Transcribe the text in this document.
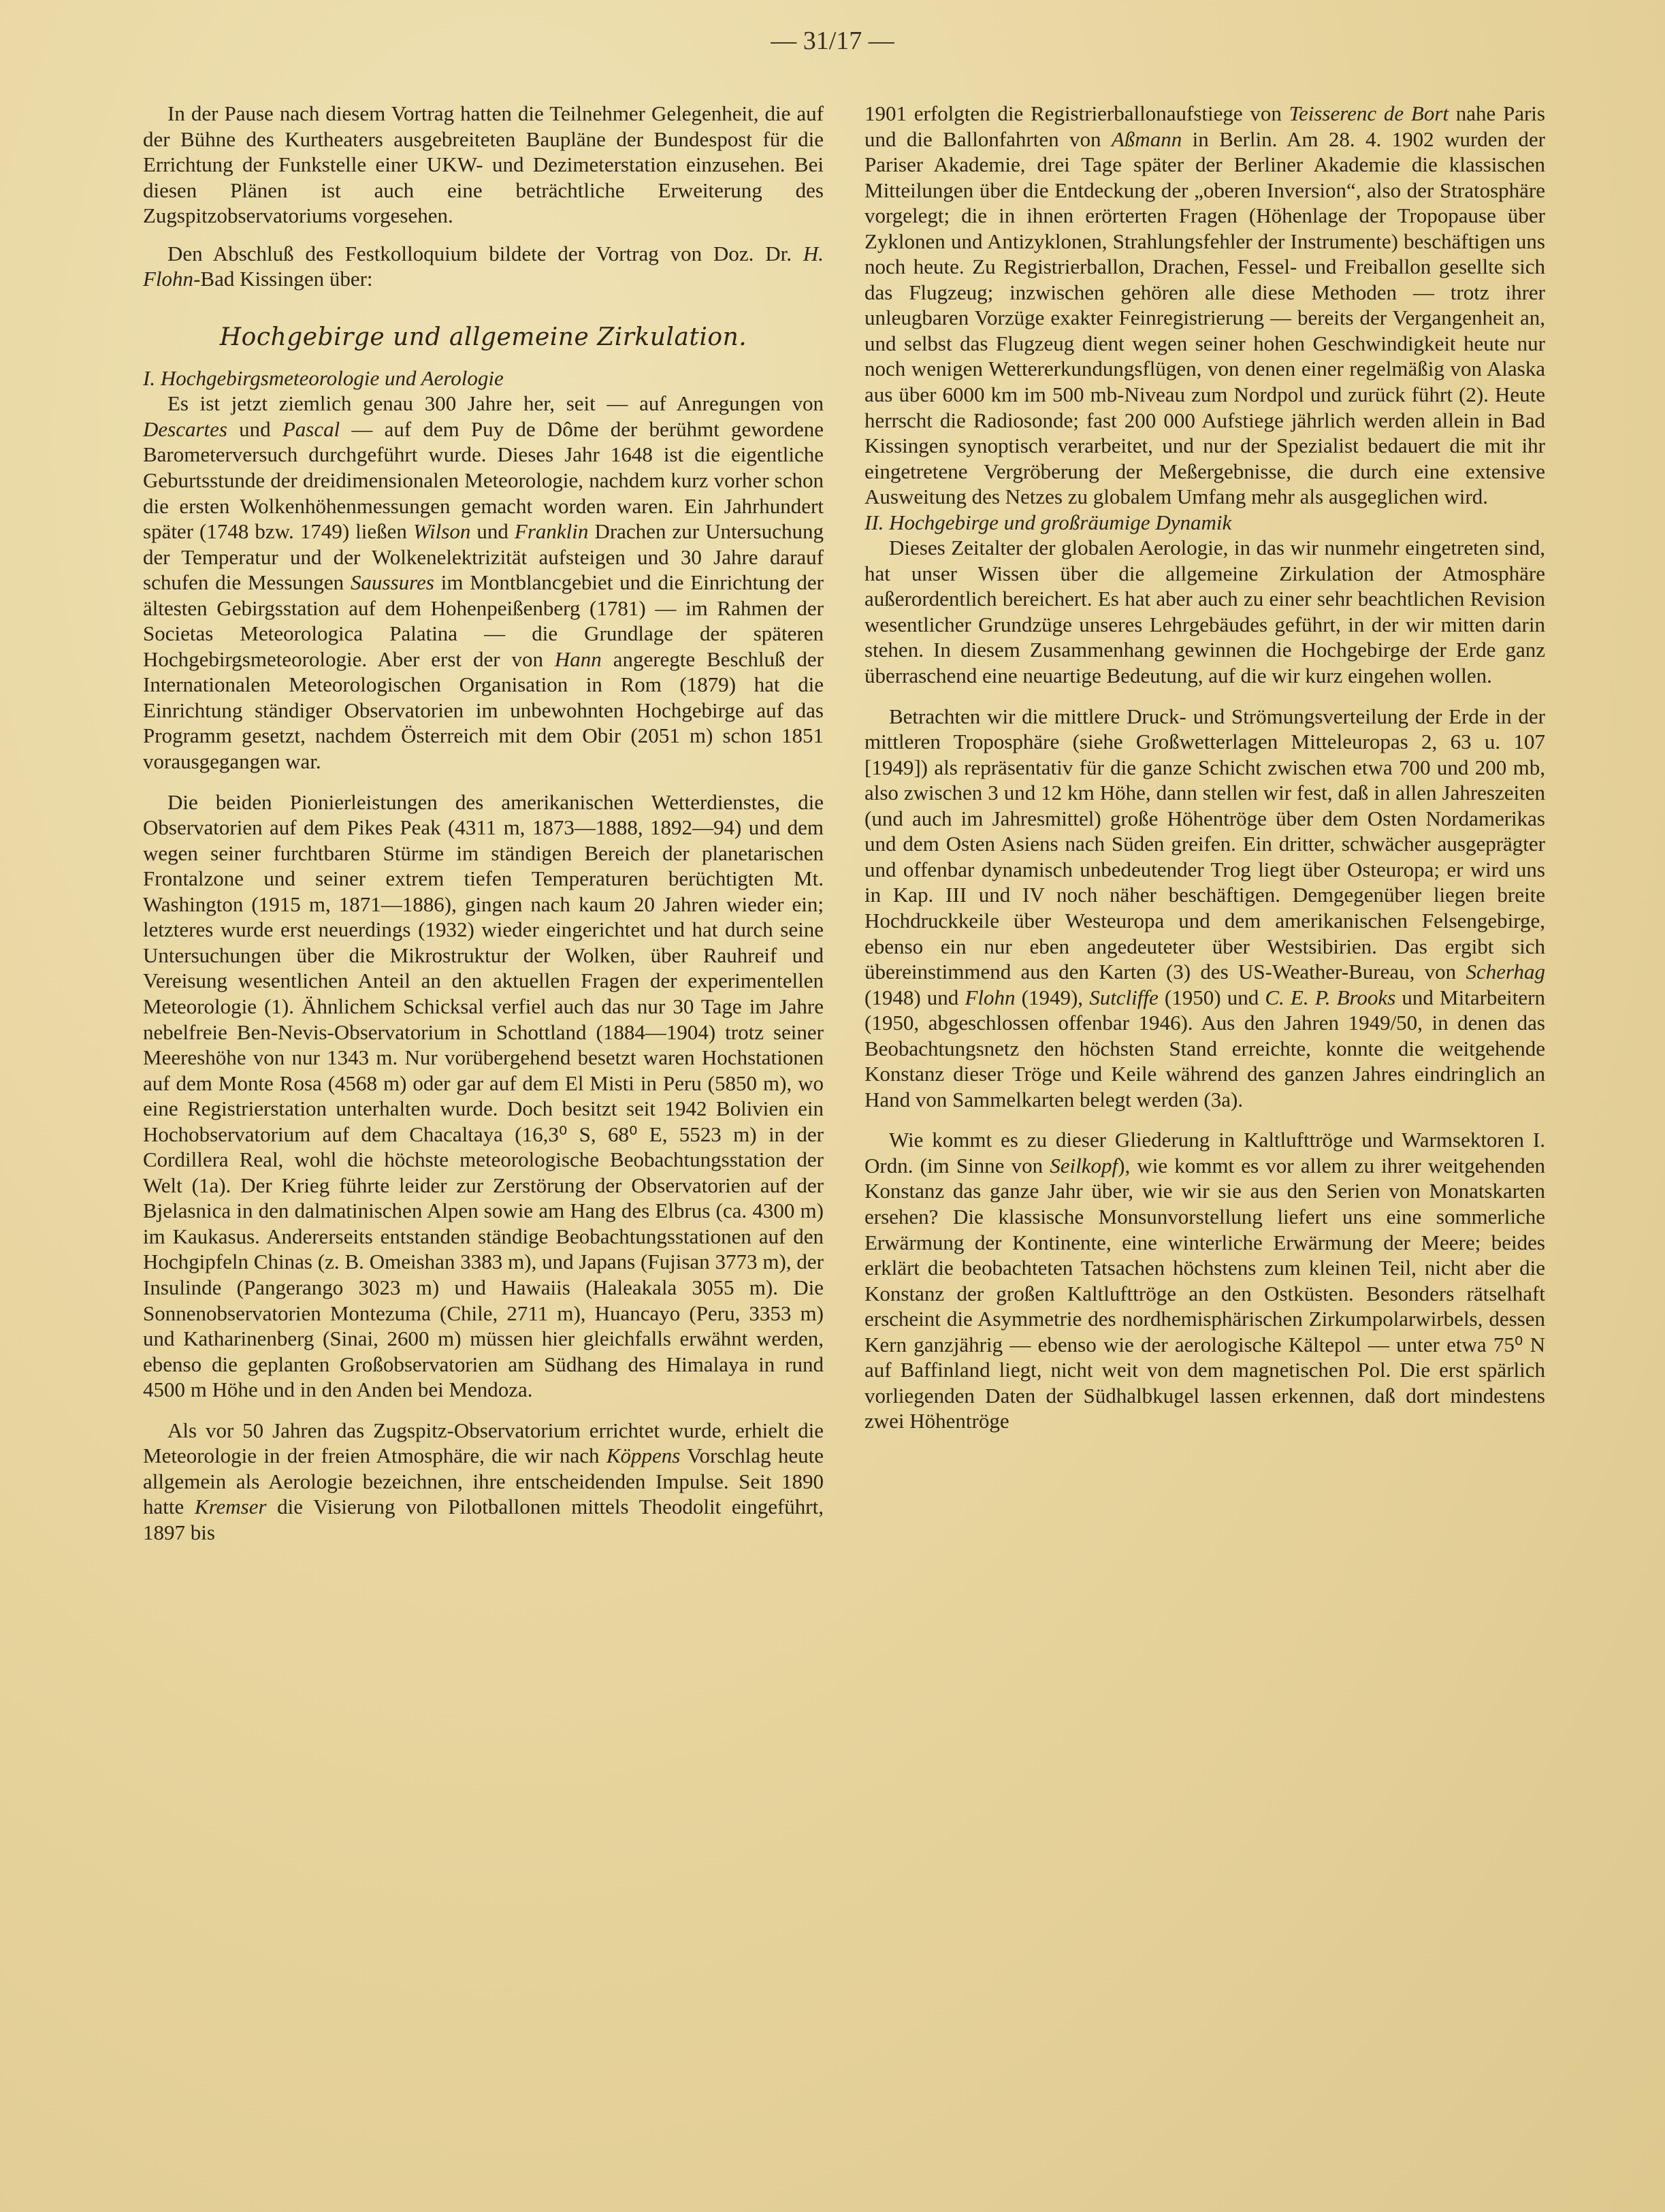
— 31/17 —

In der Pause nach diesem Vortrag hatten die Teilnehmer Gelegenheit, die auf der Bühne des Kurtheaters ausgebreiteten Baupläne der Bundespost für die Errichtung der Funkstelle einer UKW- und Dezimeterstation einzusehen. Bei diesen Plänen ist auch eine beträchtliche Erweiterung des Zugspitzobservatoriums vorgesehen.

Den Abschluß des Festkolloquium bildete der Vortrag von Doz. Dr. H. Flohn-Bad Kissingen über:

Hochgebirge und allgemeine Zirkulation.

I. Hochgebirgsmeteorologie und Aerologie

Es ist jetzt ziemlich genau 300 Jahre her, seit — auf Anregungen von Descartes und Pascal — auf dem Puy de Dôme der berühmt gewordene Barometerversuch durchgeführt wurde. Dieses Jahr 1648 ist die eigentliche Geburtsstunde der dreidimensionalen Meteorologie, nachdem kurz vorher schon die ersten Wolkenhöhenmessungen gemacht worden waren. Ein Jahrhundert später (1748 bzw. 1749) ließen Wilson und Franklin Drachen zur Untersuchung der Temperatur und der Wolkenelektrizität aufsteigen und 30 Jahre darauf schufen die Messungen Saussures im Montblancgebiet und die Einrichtung der ältesten Gebirgsstation auf dem Hohenpeißenberg (1781) — im Rahmen der Societas Meteorologica Palatina — die Grundlage der späteren Hochgebirgsmeteorologie. Aber erst der von Hann angeregte Beschluß der Internationalen Meteorologischen Organisation in Rom (1879) hat die Einrichtung ständiger Observatorien im unbewohnten Hochgebirge auf das Programm gesetzt, nachdem Österreich mit dem Obir (2051 m) schon 1851 vorausgegangen war.

Die beiden Pionierleistungen des amerikanischen Wetterdienstes, die Observatorien auf dem Pikes Peak (4311 m, 1873—1888, 1892—94) und dem wegen seiner furchtbaren Stürme im ständigen Bereich der planetarischen Frontalzone und seiner extrem tiefen Temperaturen berüchtigten Mt. Washington (1915 m, 1871—1886), gingen nach kaum 20 Jahren wieder ein; letzteres wurde erst neuerdings (1932) wieder eingerichtet und hat durch seine Untersuchungen über die Mikrostruktur der Wolken, über Rauhreif und Vereisung wesentlichen Anteil an den aktuellen Fragen der experimentellen Meteorologie (1). Ähnlichem Schicksal verfiel auch das nur 30 Tage im Jahre nebelfreie Ben-Nevis-Observatorium in Schottland (1884—1904) trotz seiner Meereshöhe von nur 1343 m. Nur vorübergehend besetzt waren Hochstationen auf dem Monte Rosa (4568 m) oder gar auf dem El Misti in Peru (5850 m), wo eine Registrierstation unterhalten wurde. Doch besitzt seit 1942 Bolivien ein Hochobservatorium auf dem Chacaltaya (16,3⁰ S, 68⁰ E, 5523 m) in der Cordillera Real, wohl die höchste meteorologische Beobachtungsstation der Welt (1a). Der Krieg führte leider zur Zerstörung der Observatorien auf der Bjelasnica in den dalmatinischen Alpen sowie am Hang des Elbrus (ca. 4300 m) im Kaukasus. Andererseits entstanden ständige Beobachtungsstationen auf den Hochgipfeln Chinas (z. B. Omeishan 3383 m), und Japans (Fujisan 3773 m), der Insulinde (Pangerango 3023 m) und Hawaiis (Haleakala 3055 m). Die Sonnenobservatorien Montezuma (Chile, 2711 m), Huancayo (Peru, 3353 m) und Katharinenberg (Sinai, 2600 m) müssen hier gleichfalls erwähnt werden, ebenso die geplanten Großobservatorien am Südhang des Himalaya in rund 4500 m Höhe und in den Anden bei Mendoza.

Als vor 50 Jahren das Zugspitz-Observatorium errichtet wurde, erhielt die Meteorologie in der freien Atmosphäre, die wir nach Köppens Vorschlag heute allgemein als Aerologie bezeichnen, ihre entscheidenden Impulse. Seit 1890 hatte Kremser die Visierung von Pilotballonen mittels Theodolit eingeführt, 1897 bis

1901 erfolgten die Registrierballonaufstiege von Teisserenc de Bort nahe Paris und die Ballonfahrten von Aßmann in Berlin. Am 28. 4. 1902 wurden der Pariser Akademie, drei Tage später der Berliner Akademie die klassischen Mitteilungen über die Entdeckung der „oberen Inversion“, also der Stratosphäre vorgelegt; die in ihnen erörterten Fragen (Höhenlage der Tropopause über Zyklonen und Antizyklonen, Strahlungsfehler der Instrumente) beschäftigen uns noch heute. Zu Registrierballon, Drachen, Fessel- und Freiballon gesellte sich das Flugzeug; inzwischen gehören alle diese Methoden — trotz ihrer unleugbaren Vorzüge exakter Feinregistrierung — bereits der Vergangenheit an, und selbst das Flugzeug dient wegen seiner hohen Geschwindigkeit heute nur noch wenigen Wettererkundungsflügen, von denen einer regelmäßig von Alaska aus über 6000 km im 500 mb-Niveau zum Nordpol und zurück führt (2). Heute herrscht die Radiosonde; fast 200 000 Aufstiege jährlich werden allein in Bad Kissingen synoptisch verarbeitet, und nur der Spezialist bedauert die mit ihr eingetretene Vergröberung der Meßergebnisse, die durch eine extensive Ausweitung des Netzes zu globalem Umfang mehr als ausgeglichen wird.

II. Hochgebirge und großräumige Dynamik

Dieses Zeitalter der globalen Aerologie, in das wir nunmehr eingetreten sind, hat unser Wissen über die allgemeine Zirkulation der Atmosphäre außerordentlich bereichert. Es hat aber auch zu einer sehr beachtlichen Revision wesentlicher Grundzüge unseres Lehrgebäudes geführt, in der wir mitten darin stehen. In diesem Zusammenhang gewinnen die Hochgebirge der Erde ganz überraschend eine neuartige Bedeutung, auf die wir kurz eingehen wollen.

Betrachten wir die mittlere Druck- und Strömungsverteilung der Erde in der mittleren Troposphäre (siehe Großwetterlagen Mitteleuropas 2, 63 u. 107 [1949]) als repräsentativ für die ganze Schicht zwischen etwa 700 und 200 mb, also zwischen 3 und 12 km Höhe, dann stellen wir fest, daß in allen Jahreszeiten (und auch im Jahresmittel) große Höhentröge über dem Osten Nordamerikas und dem Osten Asiens nach Süden greifen. Ein dritter, schwächer ausgeprägter und offenbar dynamisch unbedeutender Trog liegt über Osteuropa; er wird uns in Kap. III und IV noch näher beschäftigen. Demgegenüber liegen breite Hochdruckkeile über Westeuropa und dem amerikanischen Felsengebirge, ebenso ein nur eben angedeuteter über Westsibirien. Das ergibt sich übereinstimmend aus den Karten (3) des US-Weather-Bureau, von Scherhag (1948) und Flohn (1949), Sutcliffe (1950) und C. E. P. Brooks und Mitarbeitern (1950, abgeschlossen offenbar 1946). Aus den Jahren 1949/50, in denen das Beobachtungsnetz den höchsten Stand erreichte, konnte die weitgehende Konstanz dieser Tröge und Keile während des ganzen Jahres eindringlich an Hand von Sammelkarten belegt werden (3a).

Wie kommt es zu dieser Gliederung in Kaltlufttröge und Warmsektoren I. Ordn. (im Sinne von Seilkopf), wie kommt es vor allem zu ihrer weitgehenden Konstanz das ganze Jahr über, wie wir sie aus den Serien von Monatskarten ersehen? Die klassische Monsunvorstellung liefert uns eine sommerliche Erwärmung der Kontinente, eine winterliche Erwärmung der Meere; beides erklärt die beobachteten Tatsachen höchstens zum kleinen Teil, nicht aber die Konstanz der großen Kaltlufttröge an den Ostküsten. Besonders rätselhaft erscheint die Asymmetrie des nordhemisphärischen Zirkumpolarwirbels, dessen Kern ganzjährig — ebenso wie der aerologische Kältepol — unter etwa 75⁰ N auf Baffinland liegt, nicht weit von dem magnetischen Pol. Die erst spärlich vorliegenden Daten der Südhalbkugel lassen erkennen, daß dort mindestens zwei Höhentröge
